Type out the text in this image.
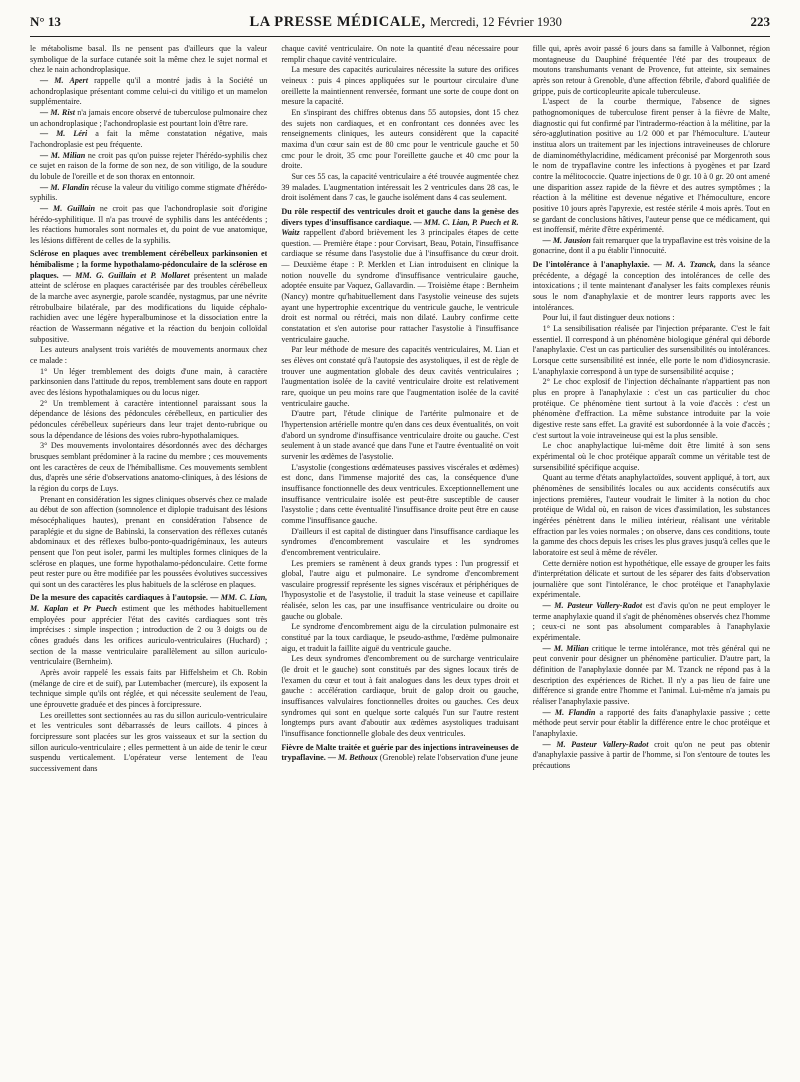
N° 13	LA PRESSE MÉDICALE, Mercredi, 12 Février 1930	223

le métabolisme basal. Ils ne pensent pas d'ailleurs que la valeur symbolique de la surface cutanée soit la même chez le sujet normal et chez le nain achondroplasique.

— M. Apert rappelle qu'il a montré jadis à la Société un achondroplasique présentant comme celui-ci du vitiligo et un mamelon supplémentaire.

— M. Rist n'a jamais encore observé de tuberculose pulmonaire chez un achondroplasique ; l'achondroplasie est pourtant loin d'être rare.

— M. Léri a fait la même constatation négative, mais l'achondroplasie est peu fréquente.

— M. Milian ne croit pas qu'on puisse rejeter l'hérédo-syphilis chez ce sujet en raison de la forme de son nez, de son vitiligo, de la soudure du lobule de l'oreille et de son thorax en entonnoir.

— M. Flandin récuse la valeur du vitiligo comme stigmate d'hérédo-syphilis.

— M. Guillain ne croit pas que l'achondroplasie soit d'origine hérédo-syphilitique. Il n'a pas trouvé de syphilis dans les antécédents ; les réactions humorales sont normales et, du point de vue anatomique, les lésions diffèrent de celles de la syphilis.

Sclérose en plaques avec tremblement cérébelleux parkinsonien et hémibalisme ; la forme hypothalamo-pédonculaire de la sclérose en plaques. — MM. G. Guillain et P. Mollaret présentent un malade atteint de sclérose en plaques caractérisée par des troubles cérébelleux de la marche avec asynergie, parole scandée, nystagmus, par une névrite rétrobulbaire bilatérale, par des modifications du liquide céphalo-rachidien avec une légère hyperalbuminose et la dissociation entre la réaction de Wassermann négative et la réaction du benjoin colloïdal subpositive.

Les auteurs analysent trois variétés de mouvements anormaux chez ce malade :

1° Un léger tremblement des doigts d'une main, à caractère parkinsonien dans l'attitude du repos, tremblement sans doute en rapport avec des lésions hypothalamiques ou du locus niger.

2° Un tremblement à caractère intentionnel paraissant sous la dépendance de lésions des pédoncules cérébelleux, en particulier des pédoncules cérébelleux supérieurs dans leur trajet dento-rubrique ou sous la dépendance de lésions des voies rubro-hypothalamiques.

3° Des mouvements involontaires désordonnés avec des décharges brusques semblant prédominer à la racine du membre ; ces mouvements ont les caractères de ceux de l'hémiballisme. Ces mouvements semblent dus, d'après une série d'observations anatomo-cliniques, à des lésions de la région du corps de Luys.

Prenant en considération les signes cliniques observés chez ce malade au début de son affection (somnolence et diplopie traduisant des lésions mésocéphaliques hautes), prenant en considération l'absence de paraplégie et du signe de Babinski, la conservation des réflexes cutanés abdominaux et des réflexes bulbo-ponto-quadrigéminaux, les auteurs pensent que l'on peut isoler, parmi les multiples formes cliniques de la sclérose en plaques, une forme hypothalamo-pédonculaire. Cette forme peut rester pure ou être modifiée par les poussées évolutives successives qui sont un des caractères les plus habituels de la sclérose en plaques.

De la mesure des capacités cardiaques à l'autopsie. — MM. C. Lian, M. Kaplan et Pr Puech estiment que les méthodes habituellement employées pour apprécier l'état des cavités cardiaques sont très imprécises : simple inspection ; introduction de 2 ou 3 doigts ou de cônes gradués dans les orifices auriculo-ventriculaires (Huchard) ; section de la masse ventriculaire parallèlement au sillon auriculo-ventriculaire (Bernheim).

Après avoir rappelé les essais faits par Hiffelsheim et Ch. Robin (mélange de cire et de suif), par Lutembacher (mercure), ils exposent la technique simple qu'ils ont réglée, et qui nécessite seulement de l'eau, une éprouvette graduée et des pinces à forcipressure.

Les oreillettes sont sectionnées au ras du sillon auriculo-ventriculaire et les ventricules sont débarrassés de leurs caillots. 4 pinces à forcipressure sont placées sur les gros vaisseaux et sur la section du sillon auriculo-ventriculaire ; elles permettent à un aide de tenir le cœur suspendu verticalement. L'opérateur verse lentement de l'eau successivement dans

chaque cavité ventriculaire. On note la quantité d'eau nécessaire pour remplir chaque cavité ventriculaire.

La mesure des capacités auriculaires nécessite la suture des orifices veineux : puis 4 pinces appliquées sur le pourtour circulaire d'une oreillette la maintiennent renversée, formant une sorte de coupe dont on mesure la capacité.

En s'inspirant des chiffres obtenus dans 55 autopsies, dont 15 chez des sujets non cardiaques, et en confrontant ces données avec les renseignements cliniques, les auteurs considèrent que la capacité maxima d'un cœur sain est de 80 cmc pour le ventricule gauche et 50 cmc pour le droit, 35 cmc pour l'oreillette gauche et 40 cmc pour la droite.

Sur ces 55 cas, la capacité ventriculaire a été trouvée augmentée chez 39 malades. L'augmentation intéressait les 2 ventricules dans 28 cas, le droit isolément dans 7 cas, le gauche isolément dans 4 cas seulement.

Du rôle respectif des ventricules droit et gauche dans la genèse des divers types d'insuffisance cardiaque. — MM. C. Lian, P. Puech et R. Waitz rappellent d'abord brièvement les 3 principales étapes de cette question. — Première étape : pour Corvisart, Beau, Potain, l'insuffisance cardiaque se résume dans l'asystolie due à l'insuffisance du cœur droit. — Deuxième étape : P. Merklen et Lian introduisent en clinique la notion nouvelle du syndrome d'insuffisance ventriculaire gauche, adoptée ensuite par Vaquez, Gallavardin. — Troisième étape : Bernheim (Nancy) montre qu'habituellement dans l'asystolie veineuse des sujets ayant une hypertrophie excentrique du ventricule gauche, le ventricule droit est normal ou rétréci, mais non dilaté. Laubry confirme cette constatation et s'en autorise pour rattacher l'asystolie à l'insuffisance ventriculaire gauche.

Par leur méthode de mesure des capacités ventriculaires, M. Lian et ses élèves ont constaté qu'à l'autopsie des asystoliques, il est de règle de trouver une augmentation globale des deux cavités ventriculaires ; l'augmentation isolée de la cavité ventriculaire droite est relativement rare, quoique un peu moins rare que l'augmentation isolée de la cavité ventriculaire gauche.

D'autre part, l'étude clinique de l'artérite pulmonaire et de l'hypertension artérielle montre qu'en dans ces deux éventualités, on voit d'abord un syndrome d'insuffisance ventriculaire droite ou gauche. C'est seulement à un stade avancé que dans l'une et l'autre éventualité on voit survenir les œdèmes de l'asystolie.

L'asystolie (congestions œdémateuses passives viscérales et œdèmes) est donc, dans l'immense majorité des cas, la conséquence d'une insuffisance fonctionnelle des deux ventricules. Exceptionnellement une insuffisance ventriculaire isolée est peut-être susceptible de causer l'asystolie ; dans cette éventualité l'insuffisance droite peut être en cause comme l'insuffisance gauche.

D'ailleurs il est capital de distinguer dans l'insuffisance cardiaque les syndromes d'encombrement vasculaire et les syndromes d'encombrement ventriculaire.

Les premiers se ramènent à deux grands types : l'un progressif et global, l'autre aigu et pulmonaire. Le syndrome d'encombrement vasculaire progressif représente les signes viscéraux et périphériques de l'hyposystolie et de l'asystolie, il traduit la stase veineuse et capillaire réalisée, selon les cas, par une insuffisance ventriculaire ou droite ou gauche ou globale.

Le syndrome d'encombrement aigu de la circulation pulmonaire est constitué par la toux cardiaque, le pseudo-asthme, l'œdème pulmonaire aigu, et traduit la faillite aiguë du ventricule gauche.

Les deux syndromes d'encombrement ou de surcharge ventriculaire (le droit et le gauche) sont constitués par des signes locaux tirés de l'examen du cœur et tout à fait analogues dans les deux types droit et gauche : accélération cardiaque, bruit de galop droit ou gauche, insuffisances valvulaires fonctionnelles droites ou gauches. Ces deux syndromes qui sont en quelque sorte calqués l'un sur l'autre restent longtemps purs avant d'aboutir aux œdèmes asystoliques traduisant l'insuffisance fonctionnelle globale des deux ventricules.

Fièvre de Malte traitée et guérie par des injections intraveineuses de trypaflavine. — M. Bethoux (Grenoble) relate l'observation d'une jeune

fille qui, après avoir passé 6 jours dans sa famille à Valbonnet, région montagneuse du Dauphiné fréquentée l'été par des troupeaux de moutons transhumants venant de Provence, fut atteinte, six semaines après son retour à Grenoble, d'une affection fébrile, d'abord qualifiée de grippe, puis de corticopleurite apicale tuberculeuse.

L'aspect de la courbe thermique, l'absence de signes pathognomoniques de tuberculose firent penser à la fièvre de Malte, diagnostic qui fut confirmé par l'intradermo-réaction à la mélitine, par la séro-agglutination positive au 1/2 000 et par l'hémoculture. L'auteur institua alors un traitement par les injections intraveineuses de chlorure de diaminométhylacridine, médicament préconisé par Morgenroth sous le nom de trypaflavine contre les infections à pyogènes et par Izard contre la mélitococcie. Quatre injections de 0 gr. 10 à 0 gr. 20 ont amené une disparition assez rapide de la fièvre et des autres symptômes ; la réaction à la mélitine est devenue négative et l'hémoculture, encore positive 10 jours après l'apyrexie, est restée stérile 4 mois après. Tout en se gardant de conclusions hâtives, l'auteur pense que ce médicament, qui est inoffensif, mérite d'être expérimenté.

— M. Jausion fait remarquer que la trypaflavine est très voisine de la gonacrine, dont il a pu établir l'innocuité.

De l'intolérance à l'anaphylaxie. — M. A. Tzanck, dans la séance précédente, a dégagé la conception des intolérances de celle des intoxications ; il tente maintenant d'analyser les faits complexes réunis sous le nom d'anaphylaxie et de montrer leurs rapports avec les intolérances.

Pour lui, il faut distinguer deux notions :

1° La sensibilisation réalisée par l'injection préparante. C'est le fait essentiel. Il correspond à un phénomène biologique général qui déborde l'anaphylaxie. C'est un cas particulier des sursensibilités ou intolérances. Lorsque cette sursensibilité est innée, elle porte le nom d'idiosyncrasie. L'anaphylaxie correspond à un type de sursensibilité acquise ;

2° Le choc explosif de l'injection déchaînante n'appartient pas non plus en propre à l'anaphylaxie : c'est un cas particulier du choc protéique. Ce phénomène tient surtout à la voie d'accès : c'est un phénomène d'effraction. La même substance introduite par la voie digestive reste sans effet. La gravité est subordonnée à la voie d'accès ; c'est surtout la voie intraveineuse qui est la plus sensible.

Le choc anaphylactique lui-même doit être limité à son sens expérimental où le choc protéique apparaît comme un véritable test de sursensibilité spécifique acquise.

Quant au terme d'états anaphylactoïdes, souvent appliqué, à tort, aux phénomènes de sensibilités locales ou aux accidents consécutifs aux injections premières, l'auteur voudrait le limiter à la notion du choc protéique de Widal où, en raison de vices d'assimilation, les substances ingérées pénètrent dans le milieu intérieur, réalisant une véritable effraction par les voies normales ; on observe, dans ces conditions, toute la gamme des chocs depuis les crises les plus graves jusqu'à celles que le laboratoire est seul à même de révéler.

Cette dernière notion est hypothétique, elle essaye de grouper les faits d'interprétation délicate et surtout de les séparer des faits d'observation journalière que sont l'intolérance, le choc protéique et l'anaphylaxie expérimentale.

— M. Pasteur Vallery-Radot est d'avis qu'on ne peut employer le terme anaphylaxie quand il s'agit de phénomènes observés chez l'homme ; ceux-ci ne sont pas absolument comparables à l'anaphylaxie expérimentale.

— M. Milian critique le terme intolérance, mot très général qui ne peut convenir pour désigner un phénomène particulier. D'autre part, la définition de l'anaphylaxie donnée par M. Tzanck ne répond pas à la description des expériences de Richet. Il n'y a pas lieu de faire une différence si grande entre l'homme et l'animal. Lui-même n'a jamais pu réaliser l'anaphylaxie passive.

— M. Flandin a rapporté des faits d'anaphylaxie passive ; cette méthode peut servir pour établir la différence entre le choc protéique et l'anaphylaxie.

— M. Pasteur Vallery-Radot croit qu'on ne peut pas obtenir d'anaphylaxie passive à partir de l'homme, si l'on s'entoure de toutes les précautions
